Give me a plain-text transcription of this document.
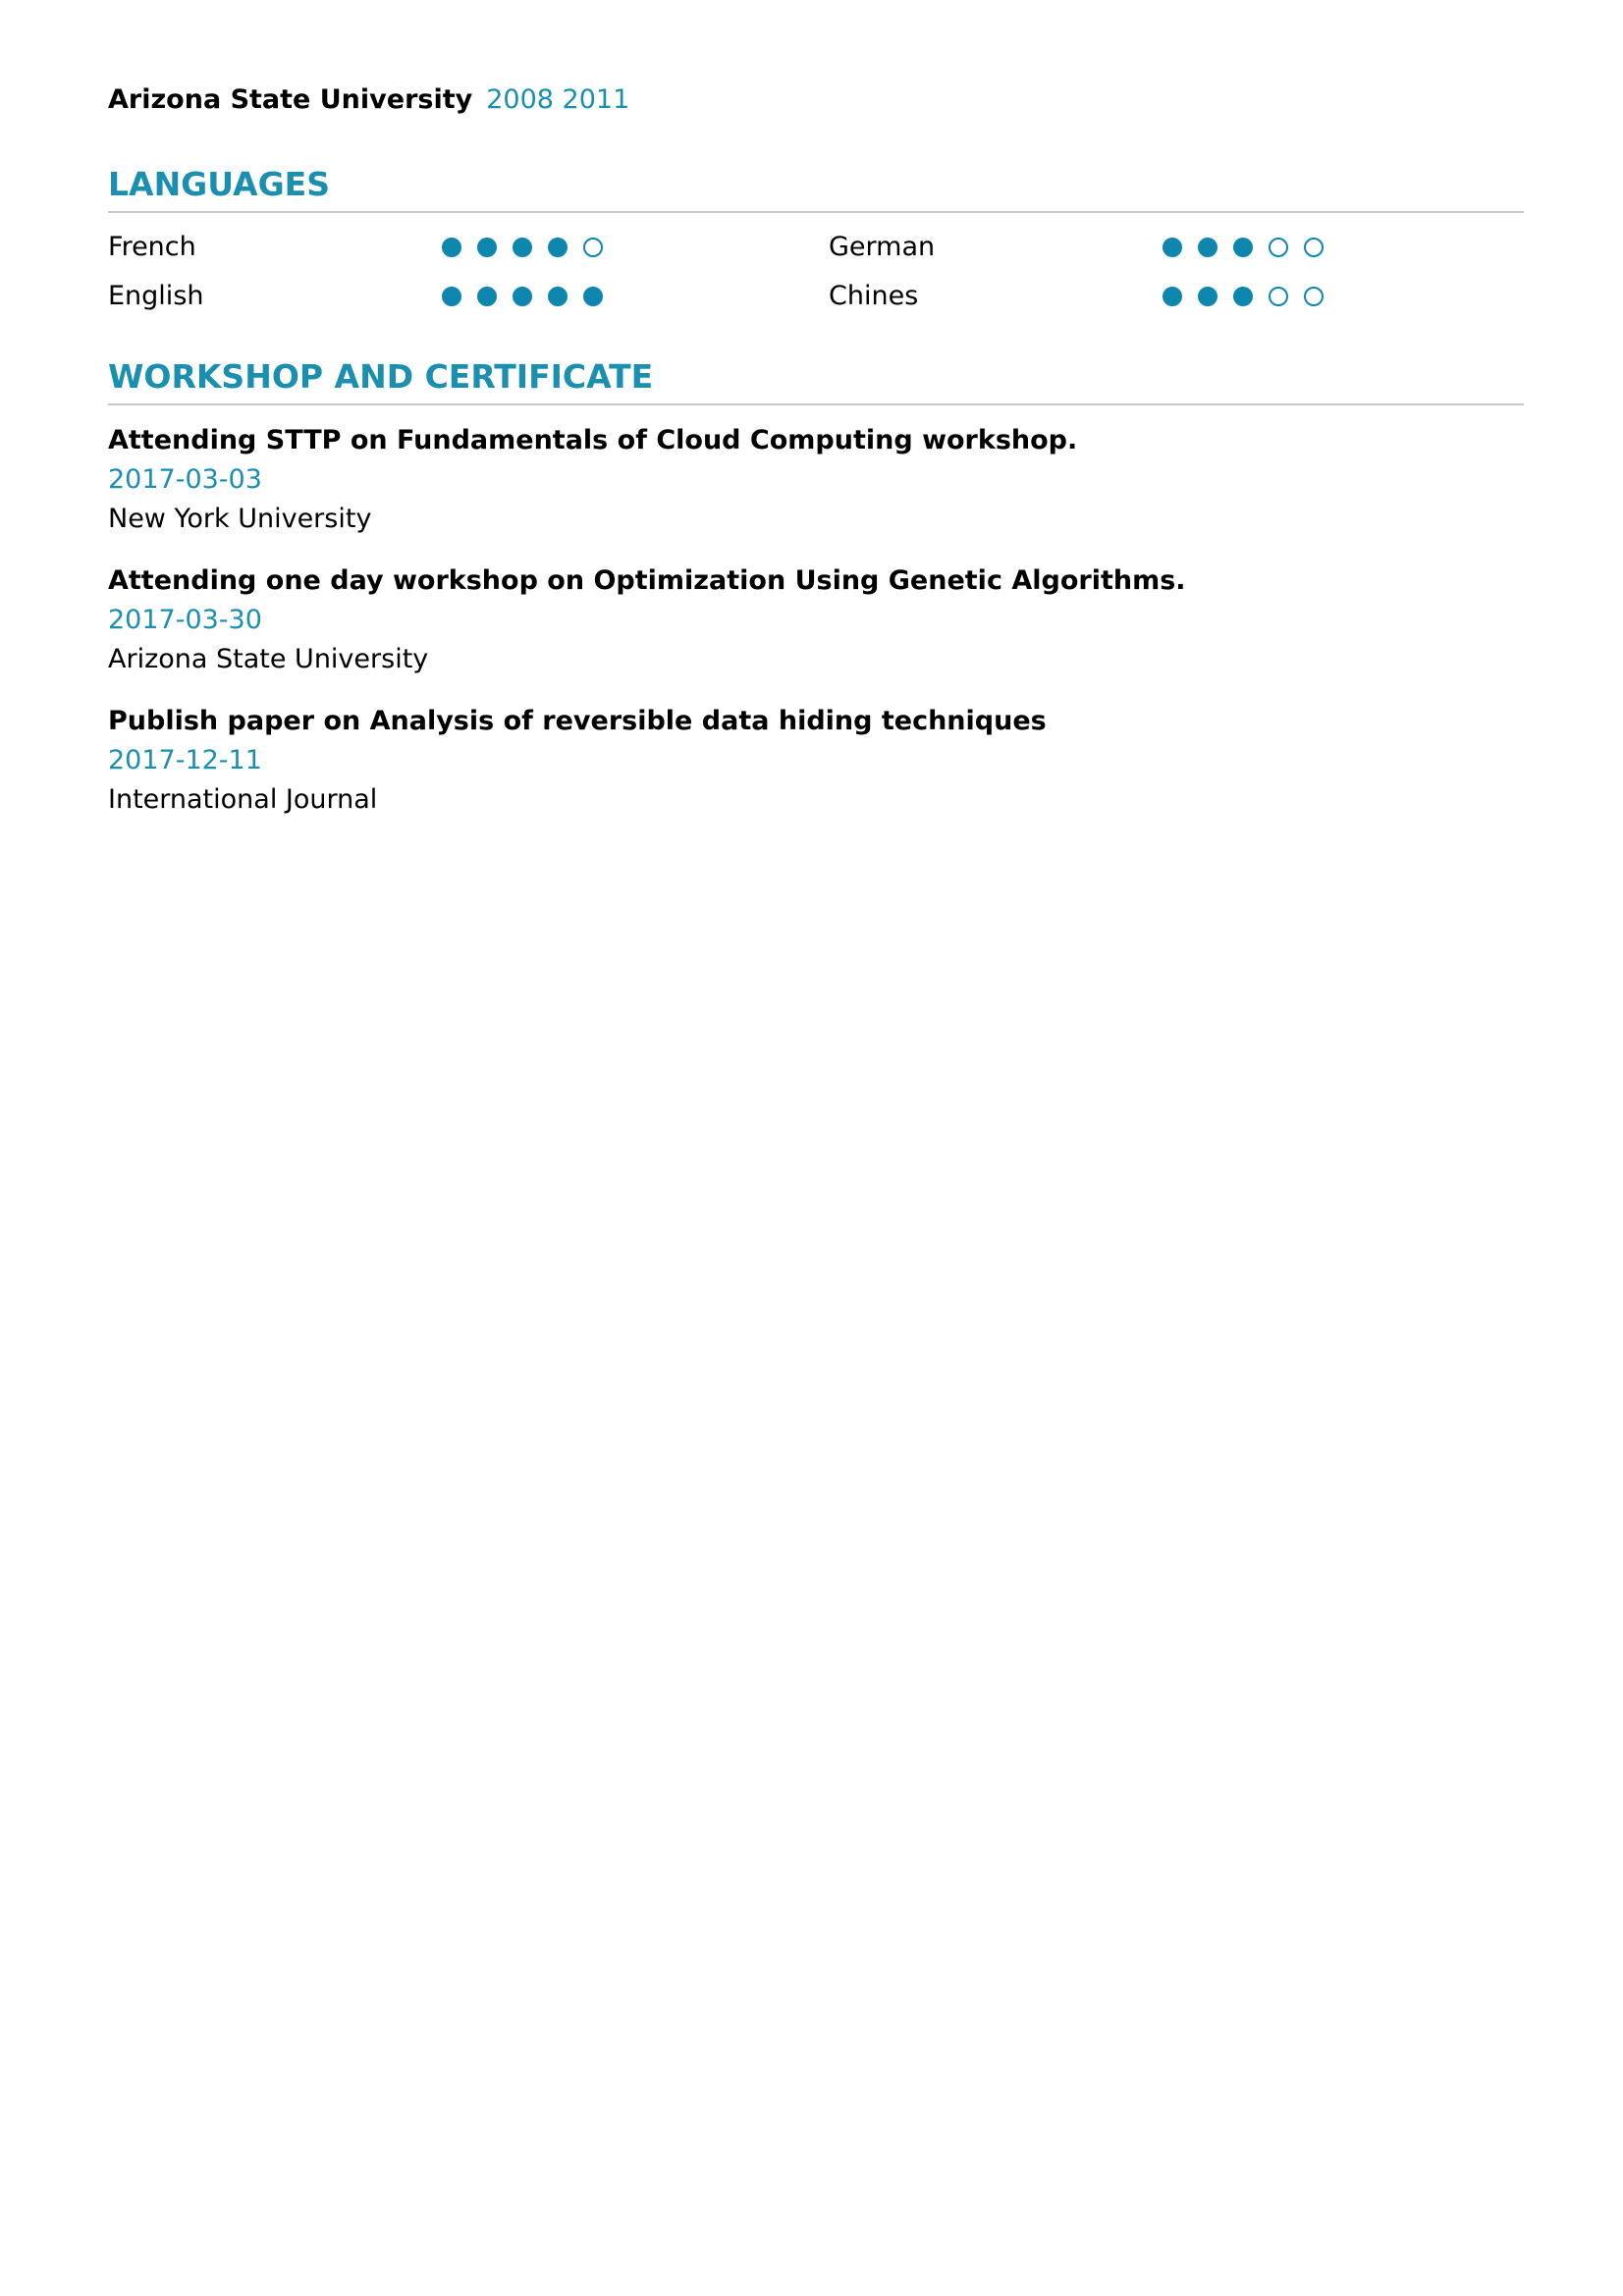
Arizona State University 2008 2011
LANGUAGES
French	German
English	Chines
WORKSHOP AND CERTIFICATE
Attending STTP on Fundamentals of Cloud Computing workshop.
2017-03-03
New York University
Attending one day workshop on Optimization Using Genetic Algorithms.
2017-03-30
Arizona State University
Publish paper on Analysis of reversible data hiding techniques
2017-12-11
International Journal
